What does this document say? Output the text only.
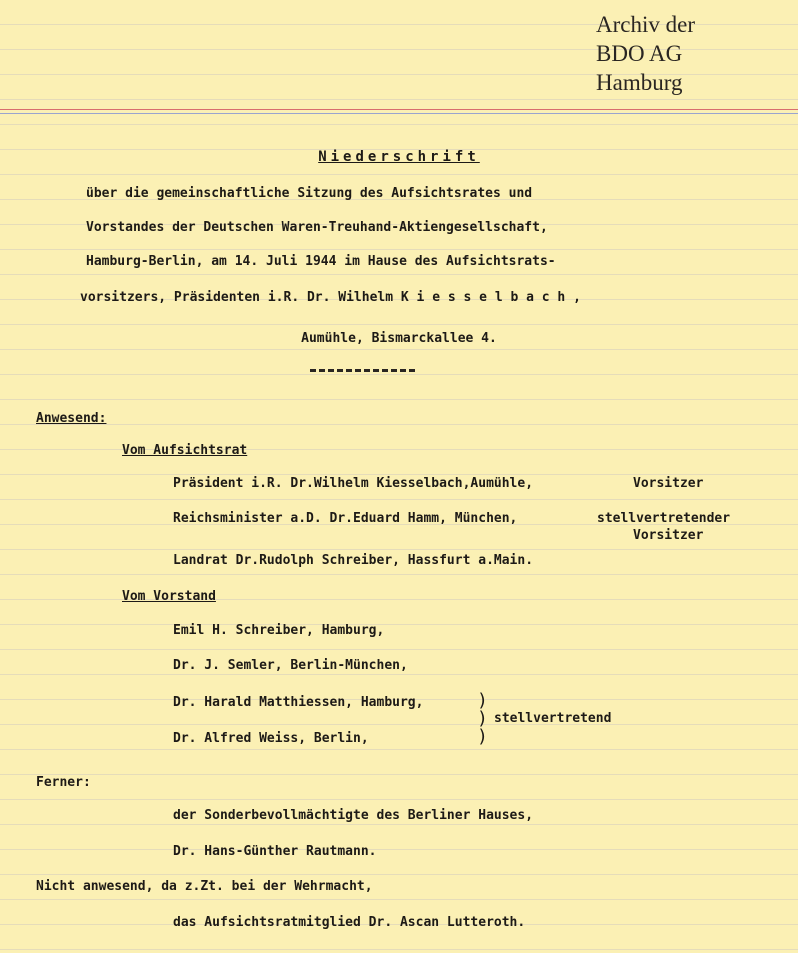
Archiv der
BDO AG
Hamburg
Niederschrift
über die gemeinschaftliche Sitzung des Aufsichtsrates und
Vorstandes der Deutschen Waren-Treuhand-Aktiengesellschaft,
Hamburg-Berlin, am 14. Juli 1944 im Hause des Aufsichtsrats-
vorsitzers, Präsidenten i.R. Dr. Wilhelm K i e s s e l b a c h ,
Aumühle, Bismarckallee 4.
Anwesend:
Vom Aufsichtsrat
Präsident i.R. Dr.Wilhelm Kiesselbach,Aumühle,	Vorsitzer
Reichsminister a.D. Dr.Eduard Hamm, München,	stellvertretender
Vorsitzer
Landrat Dr.Rudolph Schreiber, Hassfurt a.Main.
Vom Vorstand
Emil H. Schreiber, Hamburg,
Dr. J. Semler, Berlin-München,
Dr. Harald Matthiessen, Hamburg,
Dr. Alfred Weiss, Berlin,
)
)
)
stellvertretend
Ferner:
der Sonderbevollmächtigte des Berliner Hauses,
Dr. Hans-Günther Rautmann.
Nicht anwesend, da z.Zt. bei der Wehrmacht,
das Aufsichtsratmitglied Dr. Ascan Lutteroth.
